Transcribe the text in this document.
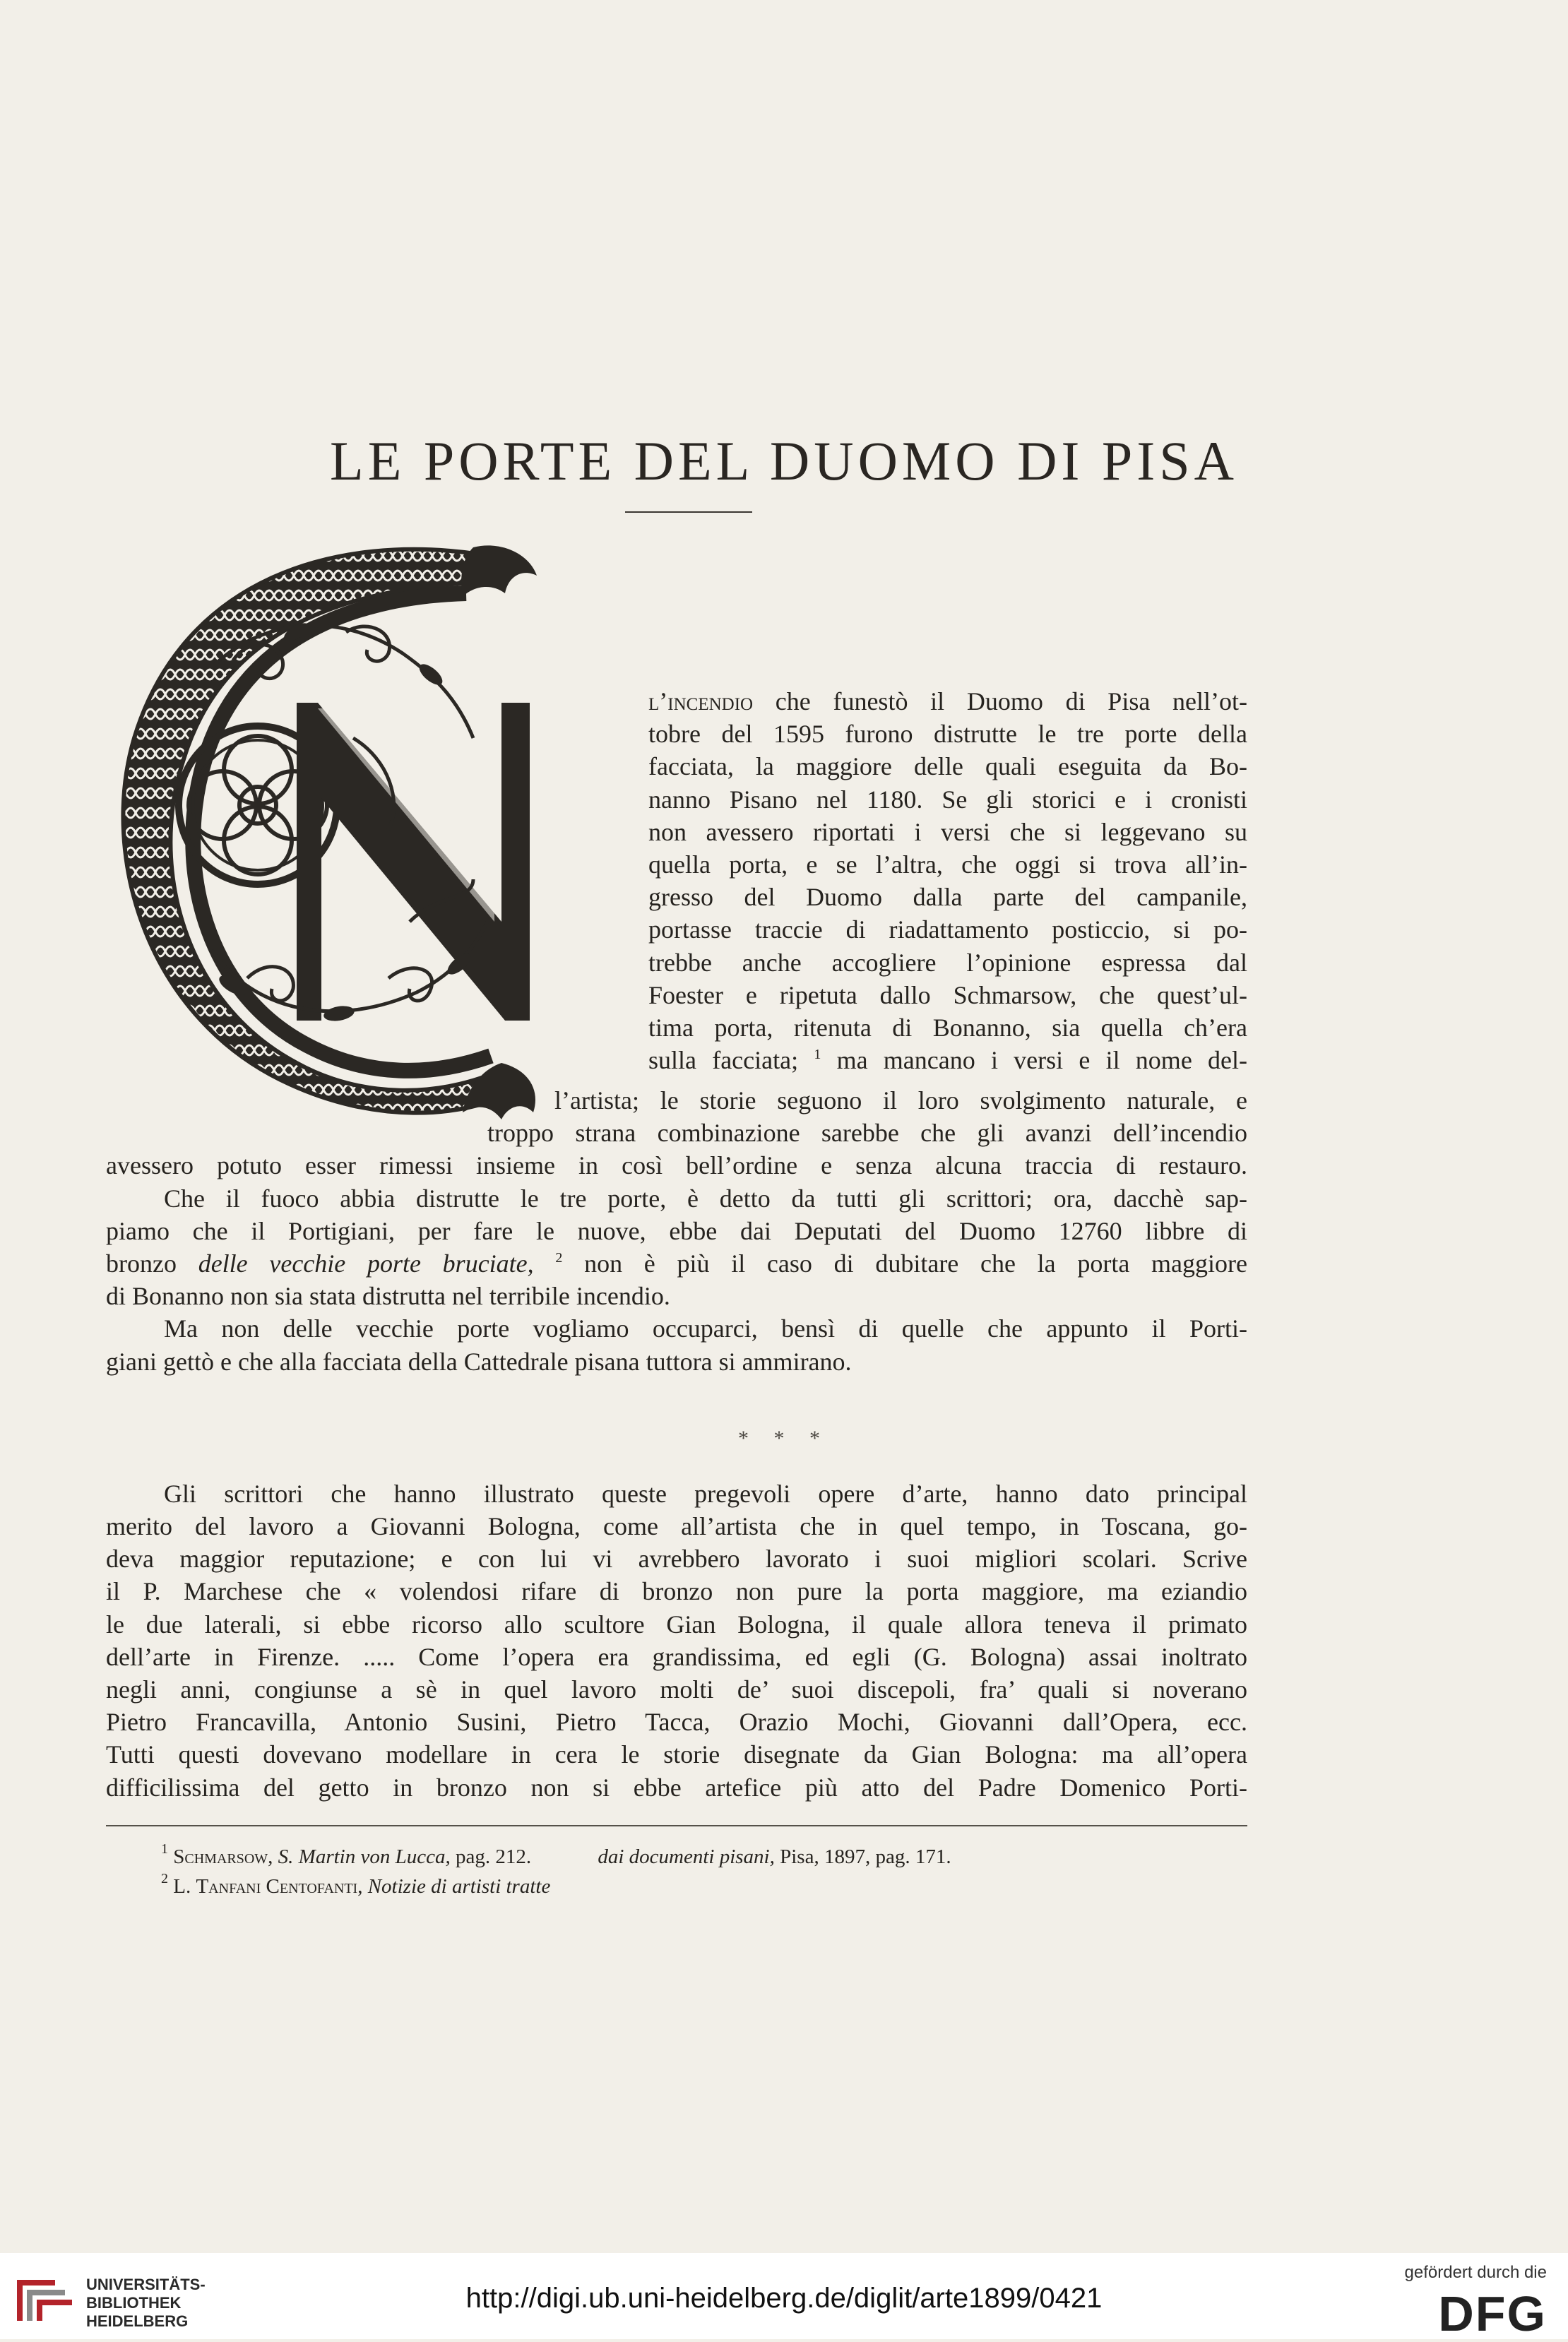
LE PORTE DEL DUOMO DI PISA
l’incendio che funestò il Duomo di Pisa nell’ot-
tobre del 1595 furono distrutte le tre porte della
facciata, la maggiore delle quali eseguita da Bo-
nanno Pisano nel 1180. Se gli storici e i cronisti
non avessero riportati i versi che si leggevano su
quella porta, e se l’altra, che oggi si trova all’in-
gresso del Duomo dalla parte del campanile,
portasse traccie di riadattamento posticcio, si po-
trebbe anche accogliere l’opinione espressa dal
Foester e ripetuta dallo Schmarsow, che quest’ul-
tima porta, ritenuta di Bonanno, sia quella ch’era
sulla facciata; $^1$ ma mancano i versi e il nome del-
l’artista; le storie seguono il loro svolgimento naturale, e
troppo strana combinazione sarebbe che gli avanzi dell’incendio
avessero potuto esser rimessi insieme in così bell’ordine e senza alcuna traccia di restauro.
Che il fuoco abbia distrutte le tre porte, è detto da tutti gli scrittori; ora, dacchè sap-
piamo che il Portigiani, per fare le nuove, ebbe dai Deputati del Duomo 12760 libbre di
bronzo delle vecchie porte bruciate, $^2$ non è più il caso di dubitare che la porta maggiore
di Bonanno non sia stata distrutta nel terribile incendio.
Ma non delle vecchie porte vogliamo occuparci, bensì di quelle che appunto il Porti-
giani gettò e che alla facciata della Cattedrale pisana tuttora si ammirano.
* * *
Gli scrittori che hanno illustrato queste pregevoli opere d’arte, hanno dato principal
merito del lavoro a Giovanni Bologna, come all’artista che in quel tempo, in Toscana, go-
deva maggior reputazione; e con lui vi avrebbero lavorato i suoi migliori scolari. Scrive
il P. Marchese che « volendosi rifare di bronzo non pure la porta maggiore, ma eziandio
le due laterali, si ebbe ricorso allo scultore Gian Bologna, il quale allora teneva il primato
dell’arte in Firenze. ..... Come l’opera era grandissima, ed egli (G. Bologna) assai inoltrato
negli anni, congiunse a sè in quel lavoro molti de’ suoi discepoli, fra’ quali si noverano
Pietro Francavilla, Antonio Susini, Pietro Tacca, Orazio Mochi, Giovanni dall’Opera, ecc.
Tutti questi dovevano modellare in cera le storie disegnate da Gian Bologna: ma all’opera
difficilissima del getto in bronzo non si ebbe artefice più atto del Padre Domenico Porti-
$^1$ Schmarsow, S. Martin von Lucca, pag. 212.             dai documenti pisani, Pisa, 1897, pag. 171.
$^2$ L. Tanfani Centofanti, Notizie di artisti tratte
UNIVERSITÄTS-
BIBLIOTHEK
HEIDELBERG
http://digi.ub.uni-heidelberg.de/diglit/arte1899/0421
gefördert durch die
DFG
